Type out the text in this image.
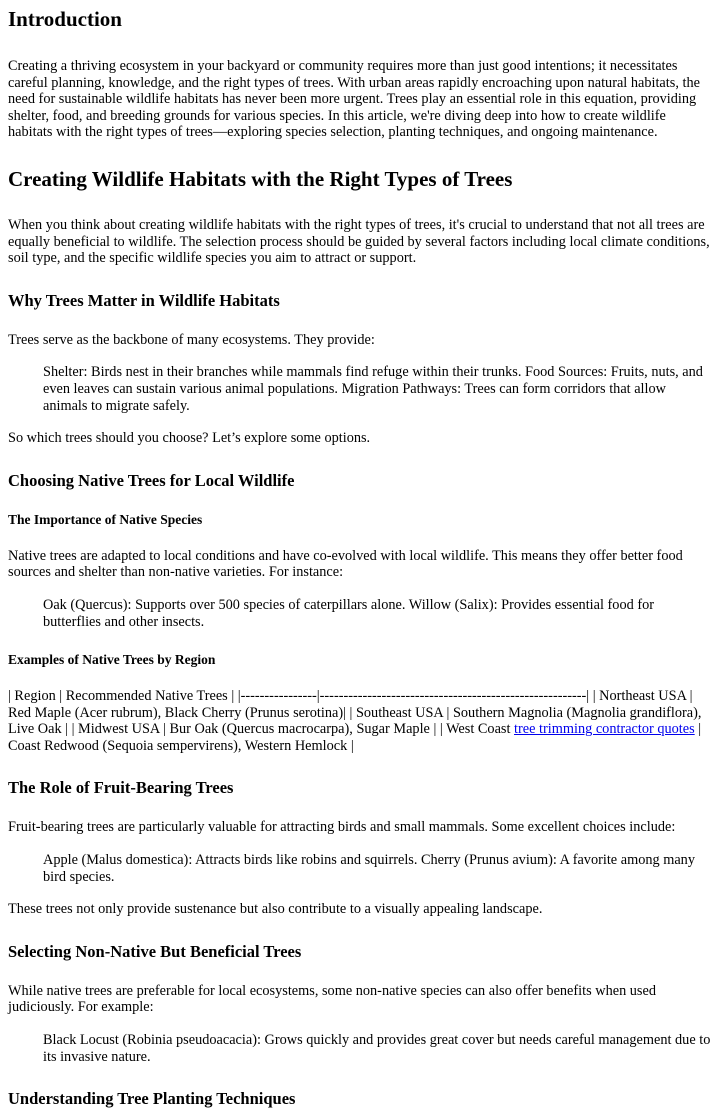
Introduction

Creating a thriving ecosystem in your backyard or community requires more than just good intentions; it necessitates careful planning, knowledge, and the right types of trees. With urban areas rapidly encroaching upon natural habitats, the need for sustainable wildlife habitats has never been more urgent. Trees play an essential role in this equation, providing shelter, food, and breeding grounds for various species. In this article, we're diving deep into how to create wildlife habitats with the right types of trees—exploring species selection, planting techniques, and ongoing maintenance.

Creating Wildlife Habitats with the Right Types of Trees

When you think about creating wildlife habitats with the right types of trees, it's crucial to understand that not all trees are equally beneficial to wildlife. The selection process should be guided by several factors including local climate conditions, soil type, and the specific wildlife species you aim to attract or support.

Why Trees Matter in Wildlife Habitats

Trees serve as the backbone of many ecosystems. They provide:

Shelter: Birds nest in their branches while mammals find refuge within their trunks. Food Sources: Fruits, nuts, and even leaves can sustain various animal populations. Migration Pathways: Trees can form corridors that allow animals to migrate safely.

So which trees should you choose? Let’s explore some options.

Choosing Native Trees for Local Wildlife
The Importance of Native Species

Native trees are adapted to local conditions and have co-evolved with local wildlife. This means they offer better food sources and shelter than non-native varieties. For instance:

Oak (Quercus): Supports over 500 species of caterpillars alone. Willow (Salix): Provides essential food for butterflies and other insects.
Examples of Native Trees by Region

| Region | Recommended Native Trees | |----------------|--------------------------------------------------------| | Northeast USA | Red Maple (Acer rubrum), Black Cherry (Prunus serotina)| | Southeast USA | Southern Magnolia (Magnolia grandiflora), Live Oak | | Midwest USA | Bur Oak (Quercus macrocarpa), Sugar Maple | | West Coast tree trimming contractor quotes | Coast Redwood (Sequoia sempervirens), Western Hemlock |

The Role of Fruit-Bearing Trees

Fruit-bearing trees are particularly valuable for attracting birds and small mammals. Some excellent choices include:

Apple (Malus domestica): Attracts birds like robins and squirrels. Cherry (Prunus avium): A favorite among many bird species.

These trees not only provide sustenance but also contribute to a visually appealing landscape.

Selecting Non-Native But Beneficial Trees

While native trees are preferable for local ecosystems, some non-native species can also offer benefits when used judiciously. For example:

Black Locust (Robinia pseudoacacia): Grows quickly and provides great cover but needs careful management due to its invasive nature.
Understanding Tree Planting Techniques
